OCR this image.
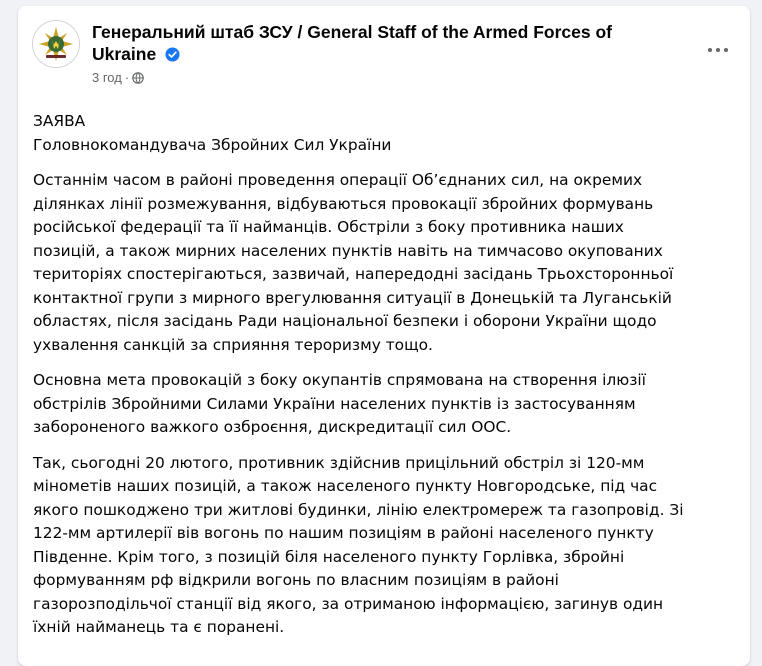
Генеральний штаб ЗСУ / General Staff of the Armed Forces of
Ukraine
3 год ·

ЗАЯВА
Головнокомандувача Збройних Сил України

Останнім часом в районі проведення операції Об’єднаних сил, на окремих
ділянках лінії розмежування, відбуваються провокації збройних формувань
російської федерації та її найманців. Обстріли з боку противника наших
позицій, а також мирних населених пунктів навіть на тимчасово окупованих
територіях спостерігаються, зазвичай, напередодні засідань Трьохсторонньої
контактної групи з мирного врегулювання ситуації в Донецькій та Луганській
областях, після засідань Ради національної безпеки і оборони України щодо
ухвалення санкцій за сприяння тероризму тощо.

Основна мета провокацій з боку окупантів спрямована на створення ілюзії
обстрілів Збройними Силами України населених пунктів із застосуванням
забороненого важкого озброєння, дискредитації сил ООС.

Так, сьогодні 20 лютого, противник здійснив прицільний обстріл зі 120-мм
мінометів наших позицій, а також населеного пункту Новгородське, під час
якого пошкоджено три житлові будинки, лінію електромереж та газопровід. Зі
122-мм артилерії вів вогонь по нашим позиціям в районі населеного пункту
Південне. Крім того, з позицій біля населеного пункту Горлівка, збройні
формуванням рф відкрили вогонь по власним позиціям в районі
газорозподільчої станції від якого, за отриманою інформацією, загинув один
їхній найманець та є поранені.
